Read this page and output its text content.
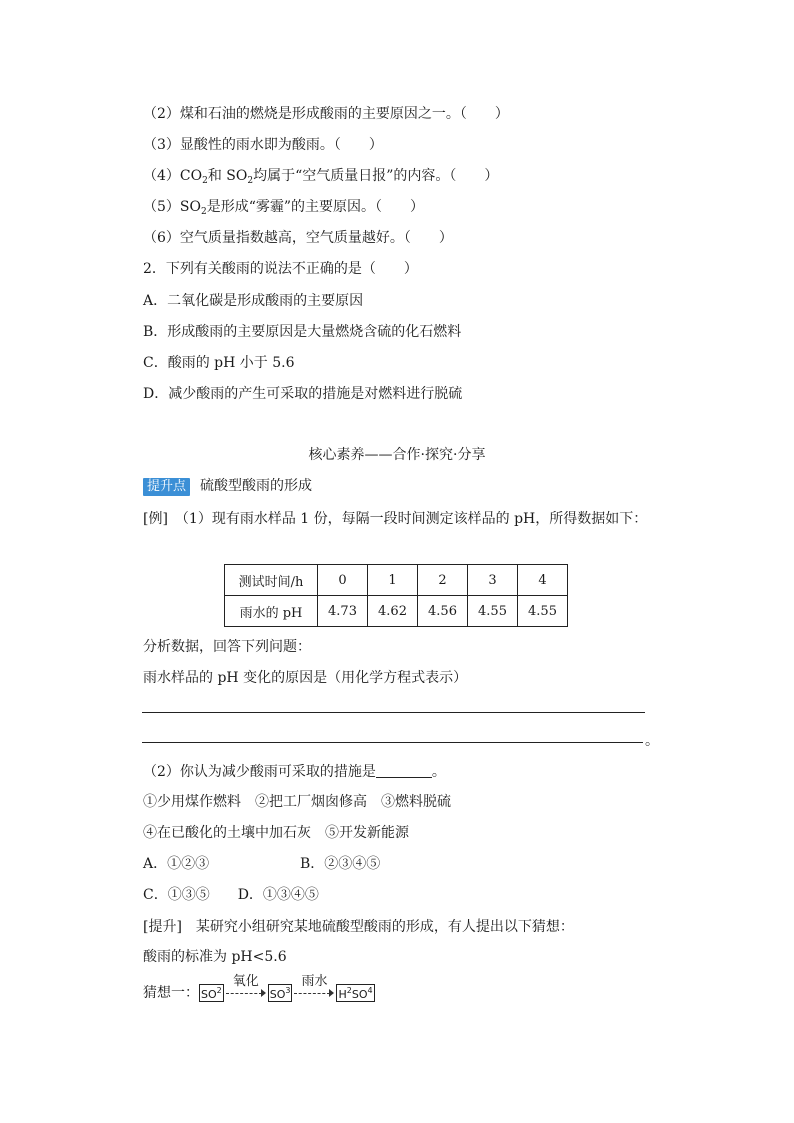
（2）煤和石油的燃烧是形成酸雨的主要原因之一。（　　）
（3）显酸性的雨水即为酸雨。（　　）
$(4)CO_2$和 $SO_2$均属于“空气质量日报”的内容。（　　）
$(5)SO_2$是形成“雾霾”的主要原因。（　　）
（6）空气质量指数越高，空气质量越好。（　　）
2．下列有关酸雨的说法不正确的是（　　）
A．二氧化碳是形成酸雨的主要原因
B．形成酸雨的主要原因是大量燃烧含硫的化石燃料
C．酸雨的 pH 小于 5.6
D．减少酸雨的产生可采取的措施是对燃料进行脱硫
核心素养——合作·探究·分享
提升点 硫酸型酸雨的形成
[例]　（1）现有雨水样品 1 份，每隔一段时间测定该样品的 pH，所得数据如下：
测试时间/h	0	1	2	3	4
雨水的 pH	4.73	4.62	4.56	4.55	4.55
分析数据，回答下列问题：
雨水样品的 pH 变化的原因是（用化学方程式表示）
。
（2）你认为减少酸雨可采取的措施是	。
①少用煤作燃料　②把工厂烟囱修高　③燃料脱硫
④在已酸化的土壤中加石灰　⑤开发新能源
A．①②③	B．②③④⑤
C．①③⑤　　D．①③④⑤
[提升]　某研究小组研究某地硫酸型酸雨的形成，有人提出以下猜想：
酸雨的标准为 pH<5.6
猜想一： $SO^2$
氧化
$SO^3$
雨水
$H^2SO^4$
